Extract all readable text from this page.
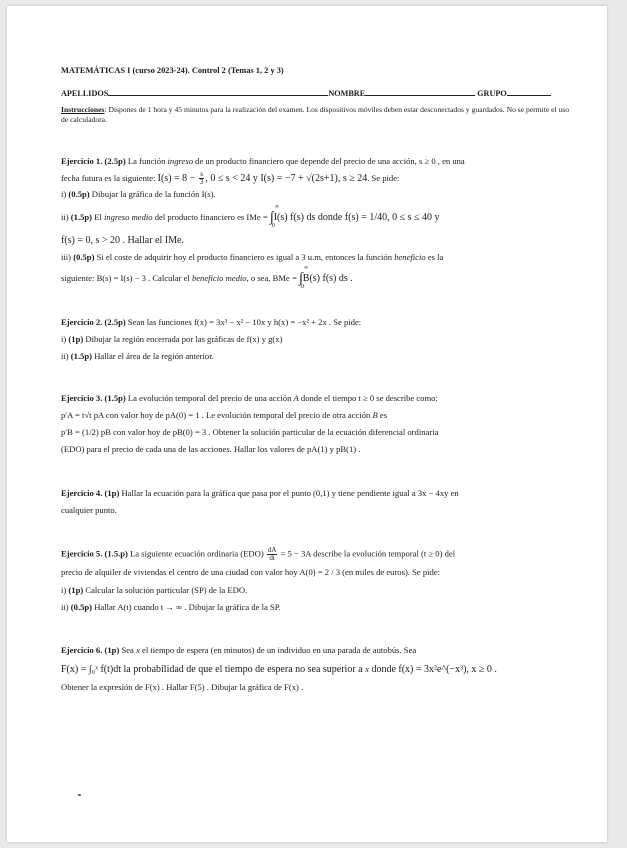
MATEMÁTICAS I (curso 2023-24). Control 2 (Temas 1, 2 y 3)
APELLIDOS	NOMBRE	GRUPO
Instrucciones: Dispones de 1 hora y 45 minutos para la realización del examen. Los dispositivos móviles deben estar desconectados y guardados. No se permite el uso de calculadora.

Ejercicio 1. (2.5p) La función ingreso de un producto financiero que depende del precio de una acción, s ≥ 0 , en una

fecha futura es la siguiente: $I(s) = 8 - \frac{s}{3}$ , 0 ≤ s < 24 y I(s) = −7 + √(2s+1), s ≥ 24. Se pide:

i) (0.5p) Dibujar la gráfica de la función I(s).

ii) (1.5p) El ingreso medio del producto financiero es IMe = ∫
∞
0
I(s) f(s) ds donde f(s) = 1/40, 0 ≤ s ≤ 40 y

f(s) = 0, s > 20 . Hallar el IMe.

iii) (0.5p) Si el coste de adquirir hoy el producto financiero es igual a 3 u.m, entonces la función beneficio es la

siguiente: B(s) = I(s) − 3 . Calcular el beneficio medio, o sea, BMe = ∫
∞
0
B(s) f(s) ds .

Ejercicio 2. (2.5p) Sean las funciones f(x) = 3x³ − x² − 10x y h(x) = −x² + 2x . Se pide:

i) (1p) Dibujar la región encerrada por las gráficas de f(x) y g(x)

ii) (1.5p) Hallar el área de la región anterior.

Ejercicio 3. (1.5p) La evolución temporal del precio de una acción A donde el tiempo t ≥ 0 se describe como:

p′A = t√t pA con valor hoy de pA(0) = 1 . Le evolución temporal del precio de otra acción B es

p′B = (1/2) pB con valor hoy de pB(0) = 3 . Obtener la solución particular de la ecuación diferencial ordinaria

(EDO) para el precio de cada una de las acciones. Hallar los valores de pA(1) y pB(1) .

Ejercicio 4. (1p) Hallar la ecuación para la gráfica que pasa por el punto (0,1) y tiene pendiente igual a 3x − 4xy en

cualquier punto.

Ejercicio 5. (1.5.p) La siguiente ecuación ordinaria $(EDO) \frac{dA}{dt} = 5 - 3A$ describe la evolución temporal (t ≥ 0) del

precio de alquiler de viviendas el centro de una ciudad con valor hoy A(0) = 2 / 3 (en miles de euros). Se pide:

i) (1p) Calcular la solución particular (SP) de la EDO.

ii) (0.5p) Hallar A(t) cuando t → ∞ . Dibujar la gráfica de la SP.

Ejercicio 6. (1p) Sea x el tiempo de espera (en minutos) de un individuo en una parada de autobús. Sea

F(x) = ∫₀ˣ f(t)dt la probabilidad de que el tiempo de espera no sea superior a x donde f(x) = 3x²e^(−x³), x ≥ 0 .

Obtener la expresión de F(x) . Hallar F(5) . Dibujar la gráfica de F(x) .
